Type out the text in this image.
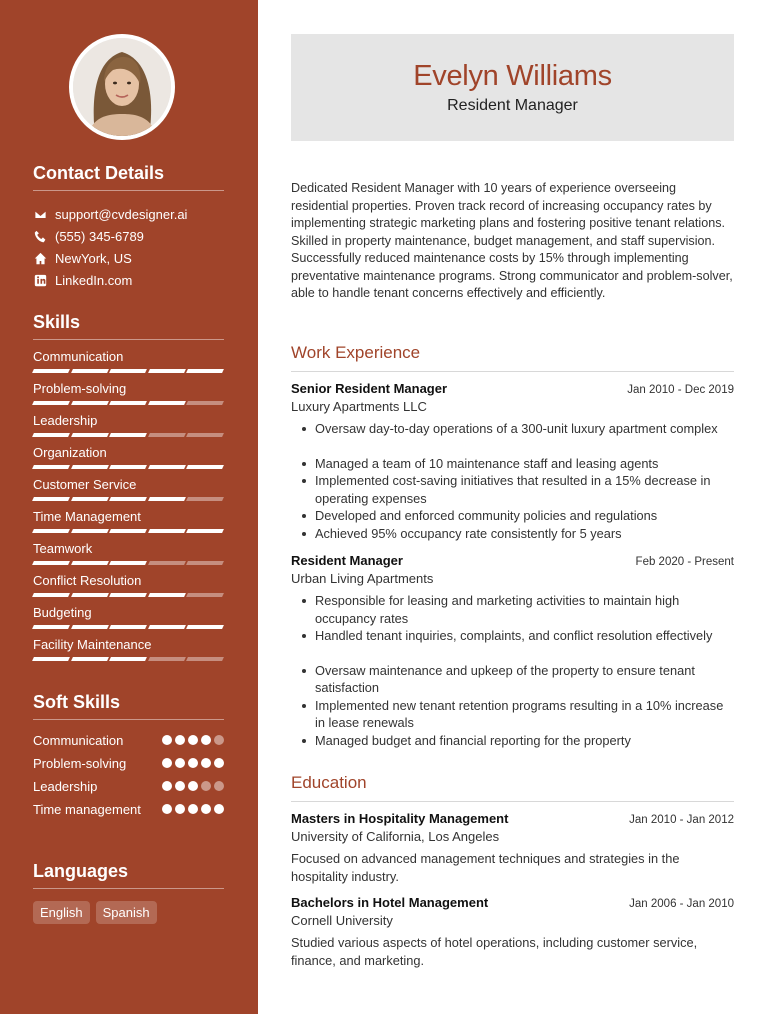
Contact Details
support@cvdesigner.ai
(555) 345-6789
NewYork, US
LinkedIn.com
Skills
Communication
Problem-solving
Leadership
Organization
Customer Service
Time Management
Teamwork
Conflict Resolution
Budgeting
Facility Maintenance
Soft Skills
Communication
Problem-solving
Leadership
Time management
Languages
English	Spanish
Evelyn Williams
Resident Manager
Dedicated Resident Manager with 10 years of experience overseeing residential properties. Proven track record of increasing occupancy rates by implementing strategic marketing plans and fostering positive tenant relations. Skilled in property maintenance, budget management, and staff supervision. Successfully reduced maintenance costs by 15% through implementing preventative maintenance programs. Strong communicator and problem-solver, able to handle tenant concerns effectively and efficiently.
Work Experience
Senior Resident Manager	Jan 2010 - Dec 2019
Luxury Apartments LLC
Oversaw day-to-day operations of a 300-unit luxury apartment complex
Managed a team of 10 maintenance staff and leasing agents
Implemented cost-saving initiatives that resulted in a 15% decrease in operating expenses
Developed and enforced community policies and regulations
Achieved 95% occupancy rate consistently for 5 years
Resident Manager	Feb 2020 - Present
Urban Living Apartments
Responsible for leasing and marketing activities to maintain high occupancy rates
Handled tenant inquiries, complaints, and conflict resolution effectively
Oversaw maintenance and upkeep of the property to ensure tenant satisfaction
Implemented new tenant retention programs resulting in a 10% increase in lease renewals
Managed budget and financial reporting for the property
Education
Masters in Hospitality Management	Jan 2010 - Jan 2012
University of California, Los Angeles
Focused on advanced management techniques and strategies in the hospitality industry.
Bachelors in Hotel Management	Jan 2006 - Jan 2010
Cornell University
Studied various aspects of hotel operations, including customer service, finance, and marketing.
